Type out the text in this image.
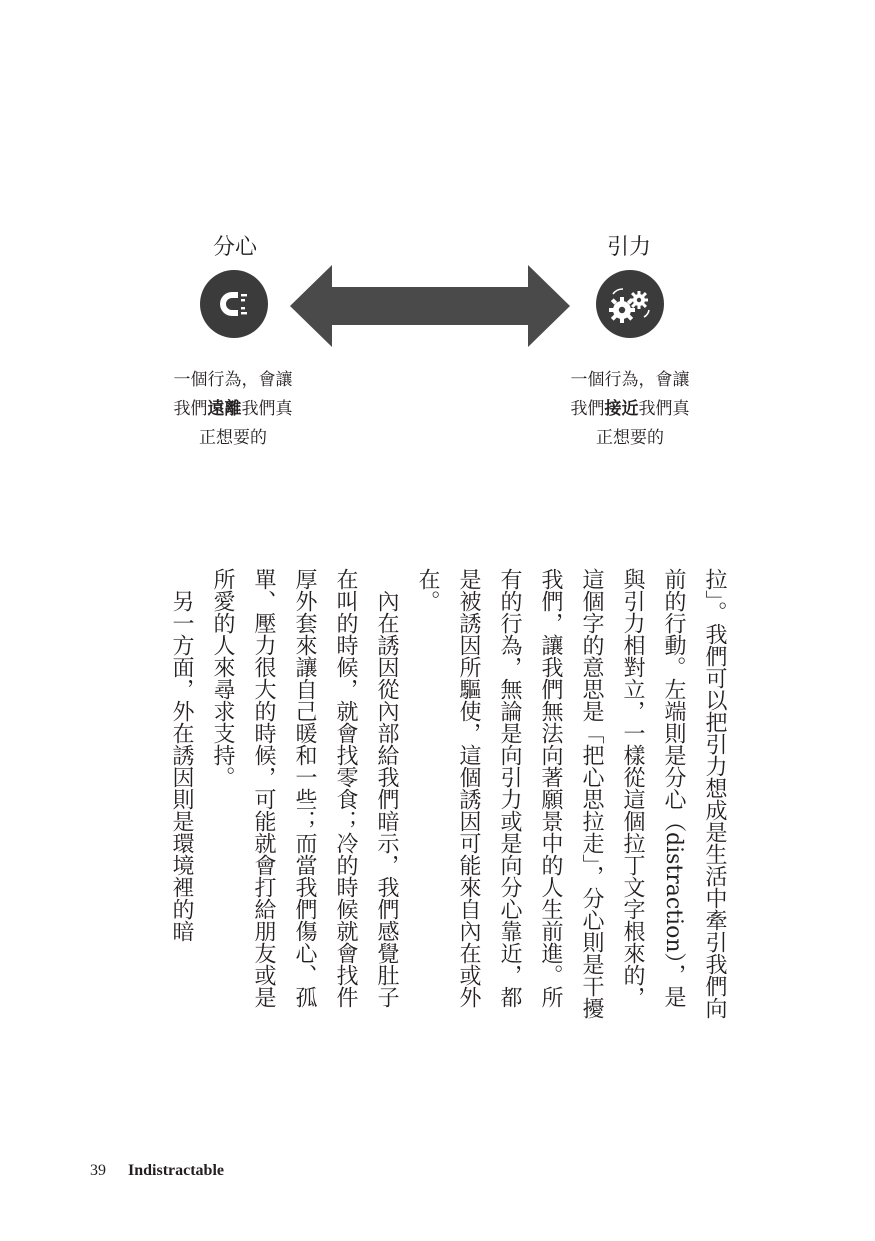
分心	引力
一個行為，會讓
我們遠離我們真
正想要的
一個行為，會讓
我們接近我們真
正想要的

拉」。我們可以把引力想成是生活中牽引我們向前的行動。左端則是分心（distraction），是與引力相對立，一樣從這個拉丁文字根來的，這個字的意思是「把心思拉走」，分心則是干擾我們，讓我們無法向著願景中的人生前進。所有的行為，無論是向引力或是向分心靠近，都是被誘因所驅使，這個誘因可能來自內在或外在。

內在誘因從內部給我們暗示，我們感覺肚子在叫的時候，就會找零食；冷的時候就會找件厚外套來讓自己暖和一些；而當我們傷心、孤單、壓力很大的時候，可能就會打給朋友或是所愛的人來尋求支持。

另一方面，外在誘因則是環境裡的暗

39 Indistractable
